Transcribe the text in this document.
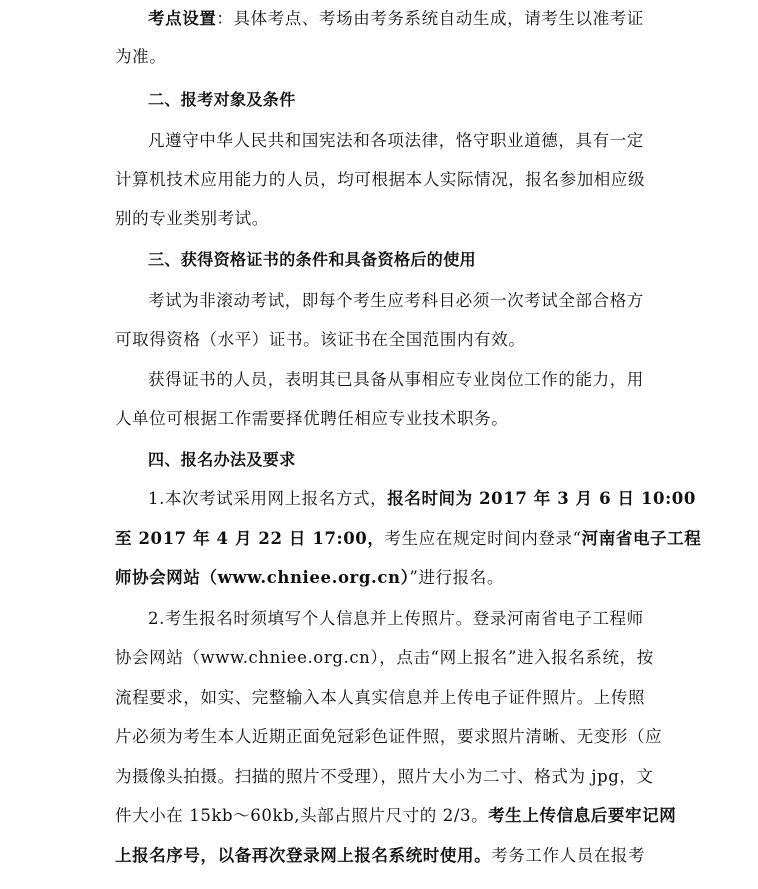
考点设置：具体考点、考场由考务系统自动生成，请考生以准考证
为准。
二、报考对象及条件
凡遵守中华人民共和国宪法和各项法律，恪守职业道德，具有一定
计算机技术应用能力的人员，均可根据本人实际情况，报名参加相应级
别的专业类别考试。
三、获得资格证书的条件和具备资格后的使用
考试为非滚动考试，即每个考生应考科目必须一次考试全部合格方
可取得资格（水平）证书。该证书在全国范围内有效。
获得证书的人员，表明其已具备从事相应专业岗位工作的能力，用
人单位可根据工作需要择优聘任相应专业技术职务。
四、报名办法及要求
1.本次考试采用网上报名方式，报名时间为 2017 年 3 月 6 日 10:00
至 2017 年 4 月 22 日 17:00，考生应在规定时间内登录“河南省电子工程
师协会网站（www.chniee.org.cn）”进行报名。
2.考生报名时须填写个人信息并上传照片。登录河南省电子工程师
协会网站（www.chniee.org.cn），点击“网上报名”进入报名系统，按
流程要求，如实、完整输入本人真实信息并上传电子证件照片。上传照
片必须为考生本人近期正面免冠彩色证件照，要求照片清晰、无变形（应
为摄像头拍摄。扫描的照片不受理），照片大小为二寸、格式为 jpg，文
件大小在 15kb～60kb,头部占照片尺寸的 2/3。考生上传信息后要牢记网
上报名序号，以备再次登录网上报名系统时使用。考务工作人员在报考
